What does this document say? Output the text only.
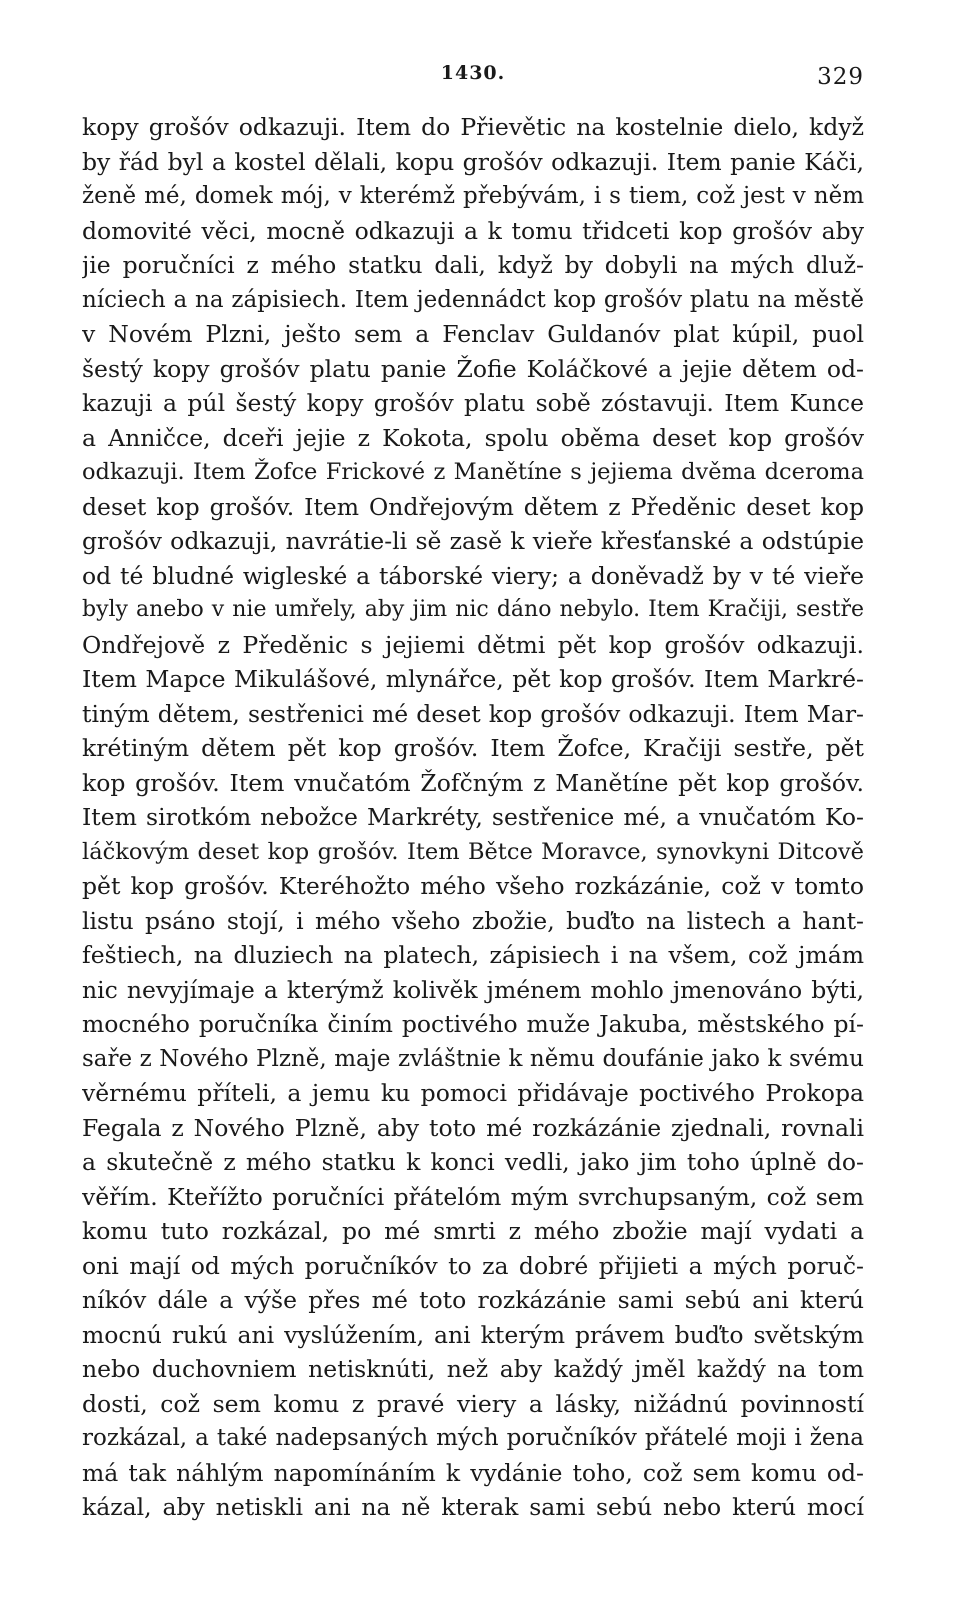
1430.	329
kopy grošóv odkazuji. Item do Přievětic na kostelnie dielo, když
by řád byl a kostel dělali, kopu grošóv odkazuji. Item panie Káči,
ženě mé, domek mój, v kterémž přebývám, i s tiem, což jest v něm
domovité věci, mocně odkazuji a k tomu třidceti kop grošóv aby
jie poručníci z mého statku dali, když by dobyli na mých dluž-
níciech a na zápisiech. Item jedennádct kop grošóv platu na městě
v Novém Plzni, ješto sem a Fenclav Guldanóv plat kúpil, puol
šestý kopy grošóv platu panie Žofie Koláčkové a jejie dětem od-
kazuji a púl šestý kopy grošóv platu sobě zóstavuji. Item Kunce
a Anničce, dceři jejie z Kokota, spolu oběma deset kop grošóv
odkazuji. Item Žofce Frickové z Manětíne s jejiema dvěma dceroma
deset kop grošóv. Item Ondřejovým dětem z Předěnic deset kop
grošóv odkazuji, navrátie-li sě zasě k vieře křesťanské a odstúpie
od té bludné wigleské a táborské viery; a doněvadž by v té vieře
byly anebo v nie umřely, aby jim nic dáno nebylo. Item Kračiji, sestře
Ondřejově z Předěnic s jejiemi dětmi pět kop grošóv odkazuji.
Item Mapce Mikulášové, mlynářce, pět kop grošóv. Item Markré-
tiným dětem, sestřenici mé deset kop grošóv odkazuji. Item Mar-
krétiným dětem pět kop grošóv. Item Žofce, Kračiji sestře, pět
kop grošóv. Item vnučatóm Žofčným z Manětíne pět kop grošóv.
Item sirotkóm nebožce Markréty, sestřenice mé, a vnučatóm Ko-
láčkovým deset kop grošóv. Item Bětce Moravce, synovkyni Ditcově
pět kop grošóv. Kteréhožto mého všeho rozkázánie, což v tomto
listu psáno stojí, i mého všeho zbožie, buďto na listech a hant-
feštiech, na dluziech na platech, zápisiech i na všem, což jmám
nic nevyjímaje a kterýmž kolivěk jménem mohlo jmenováno býti,
mocného poručníka činím poctivého muže Jakuba, městského pí-
saře z Nového Plzně, maje zvláštnie k němu doufánie jako k svému
věrnému příteli, a jemu ku pomoci přidávaje poctivého Prokopa
Fegala z Nového Plzně, aby toto mé rozkázánie zjednali, rovnali
a skutečně z mého statku k konci vedli, jako jim toho úplně do-
věřím. Kteřížto poručníci přátelóm mým svrchupsaným, což sem
komu tuto rozkázal, po mé smrti z mého zbožie mají vydati a
oni mají od mých poručníkóv to za dobré přijieti a mých poruč-
níkóv dále a výše přes mé toto rozkázánie sami sebú ani kterú
mocnú rukú ani vyslúžením, ani kterým právem buďto světským
nebo duchovniem netisknúti, než aby každý jměl každý na tom
dosti, což sem komu z pravé viery a lásky, nižádnú povinností
rozkázal, a také nadepsaných mých poručníkóv přátelé moji i žena
má tak náhlým napomínáním k vydánie toho, což sem komu od-
kázal, aby netiskli ani na ně kterak sami sebú nebo kterú mocí
